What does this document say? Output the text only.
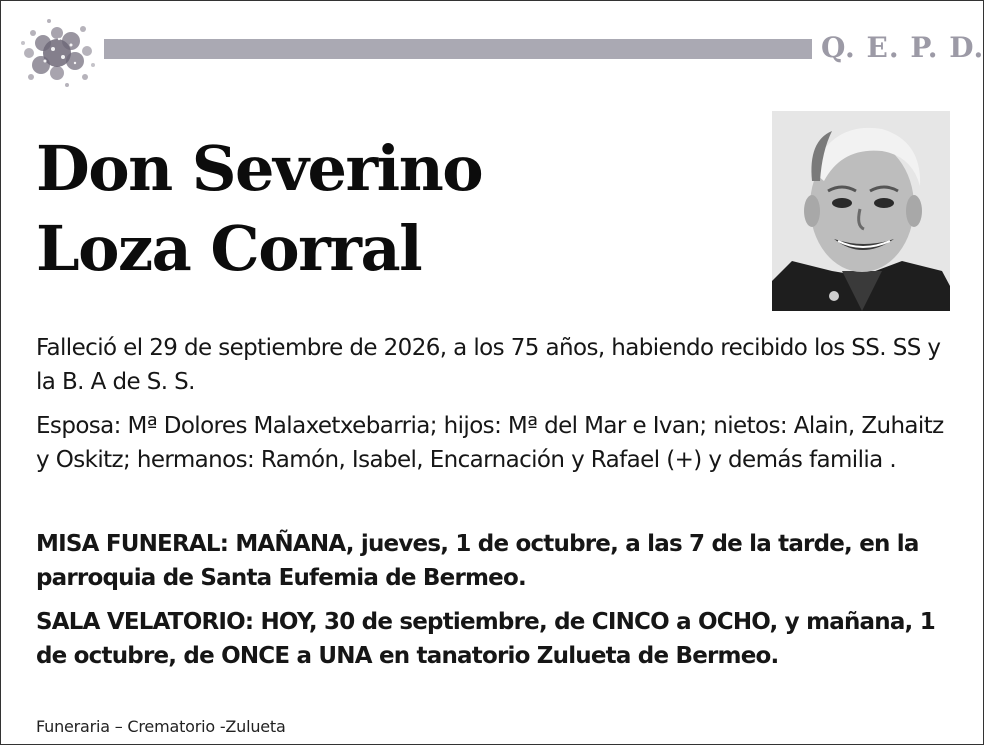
Q. E. P. D.
Don Severino
Loza Corral
Falleció el 29 de septiembre de 2026, a los 75 años, habiendo recibido los SS. SS y la B. A de S. S.
Esposa: Mª Dolores Malaxetxebarria; hijos: Mª del Mar e Ivan; nietos: Alain, Zuhaitz y Oskitz; hermanos: Ramón, Isabel, Encarnación y Rafael (+) y demás familia .
MISA FUNERAL: MAÑANA, jueves, 1 de octubre, a las 7 de la tarde, en la parroquia de Santa Eufemia de Bermeo.
SALA VELATORIO: HOY, 30 de septiembre, de CINCO a OCHO, y mañana, 1 de octubre, de ONCE a UNA en tanatorio Zulueta de Bermeo.
Funeraria – Crematorio -Zulueta
